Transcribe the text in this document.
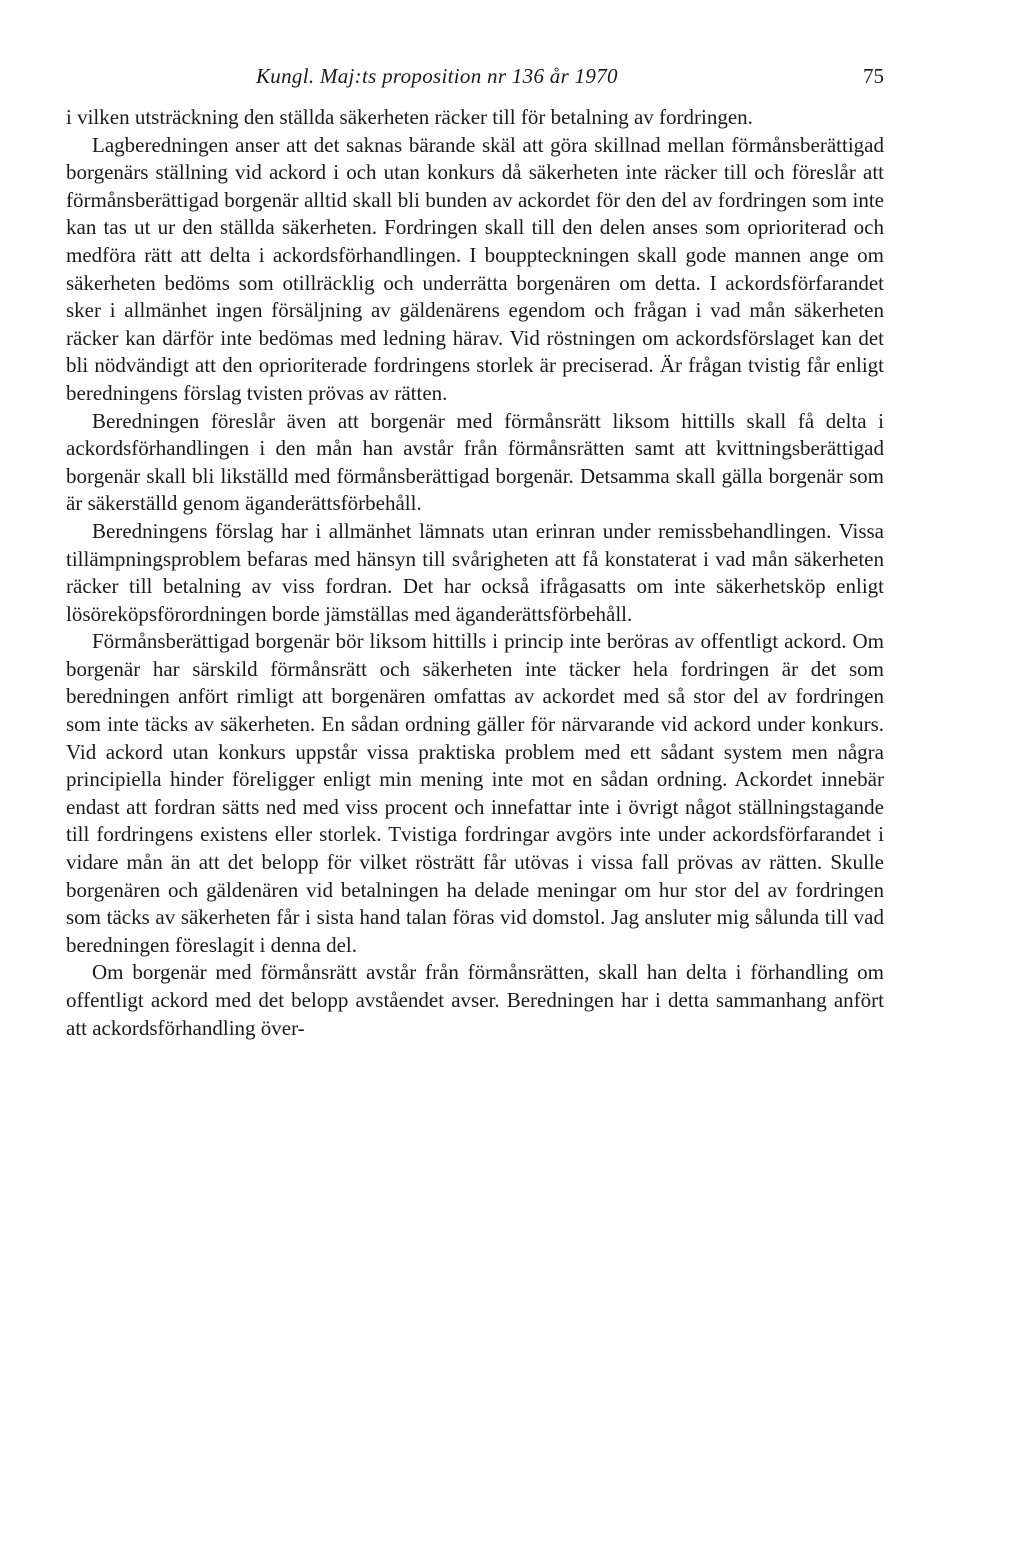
Kungl. Maj:ts proposition nr 136 år 1970	75

i vilken utsträckning den ställda säkerheten räcker till för betalning av fordringen.

Lagberedningen anser att det saknas bärande skäl att göra skillnad mellan förmånsberättigad borgenärs ställning vid ackord i och utan konkurs då säkerheten inte räcker till och föreslår att förmånsberättigad borgenär alltid skall bli bunden av ackordet för den del av fordringen som inte kan tas ut ur den ställda säkerheten. Fordringen skall till den delen anses som oprioriterad och medföra rätt att delta i ackordsförhandlingen. I bouppteckningen skall gode mannen ange om säkerheten bedöms som otillräcklig och underrätta borgenären om detta. I ackordsförfarandet sker i allmänhet ingen försäljning av gäldenärens egendom och frågan i vad mån säkerheten räcker kan därför inte bedömas med ledning härav. Vid röstningen om ackordsförslaget kan det bli nödvändigt att den oprioriterade fordringens storlek är preciserad. Är frågan tvistig får enligt beredningens förslag tvisten prövas av rätten.

Beredningen föreslår även att borgenär med förmånsrätt liksom hittills skall få delta i ackordsförhandlingen i den mån han avstår från förmånsrätten samt att kvittningsberättigad borgenär skall bli likställd med förmånsberättigad borgenär. Detsamma skall gälla borgenär som är säkerställd genom äganderättsförbehåll.

Beredningens förslag har i allmänhet lämnats utan erinran under remissbehandlingen. Vissa tillämpningsproblem befaras med hänsyn till svårigheten att få konstaterat i vad mån säkerheten räcker till betalning av viss fordran. Det har också ifrågasatts om inte säkerhetsköp enligt lösöreköpsförordningen borde jämställas med äganderättsförbehåll.

Förmånsberättigad borgenär bör liksom hittills i princip inte beröras av offentligt ackord. Om borgenär har särskild förmånsrätt och säkerheten inte täcker hela fordringen är det som beredningen anfört rimligt att borgenären omfattas av ackordet med så stor del av fordringen som inte täcks av säkerheten. En sådan ordning gäller för närvarande vid ackord under konkurs. Vid ackord utan konkurs uppstår vissa praktiska problem med ett sådant system men några principiella hinder föreligger enligt min mening inte mot en sådan ordning. Ackordet innebär endast att fordran sätts ned med viss procent och innefattar inte i övrigt något ställningstagande till fordringens existens eller storlek. Tvistiga fordringar avgörs inte under ackordsförfarandet i vidare mån än att det belopp för vilket rösträtt får utövas i vissa fall prövas av rätten. Skulle borgenären och gäldenären vid betalningen ha delade meningar om hur stor del av fordringen som täcks av säkerheten får i sista hand talan föras vid domstol. Jag ansluter mig sålunda till vad beredningen föreslagit i denna del.

Om borgenär med förmånsrätt avstår från förmånsrätten, skall han delta i förhandling om offentligt ackord med det belopp avståendet avser. Beredningen har i detta sammanhang anfört att ackordsförhandling över-
